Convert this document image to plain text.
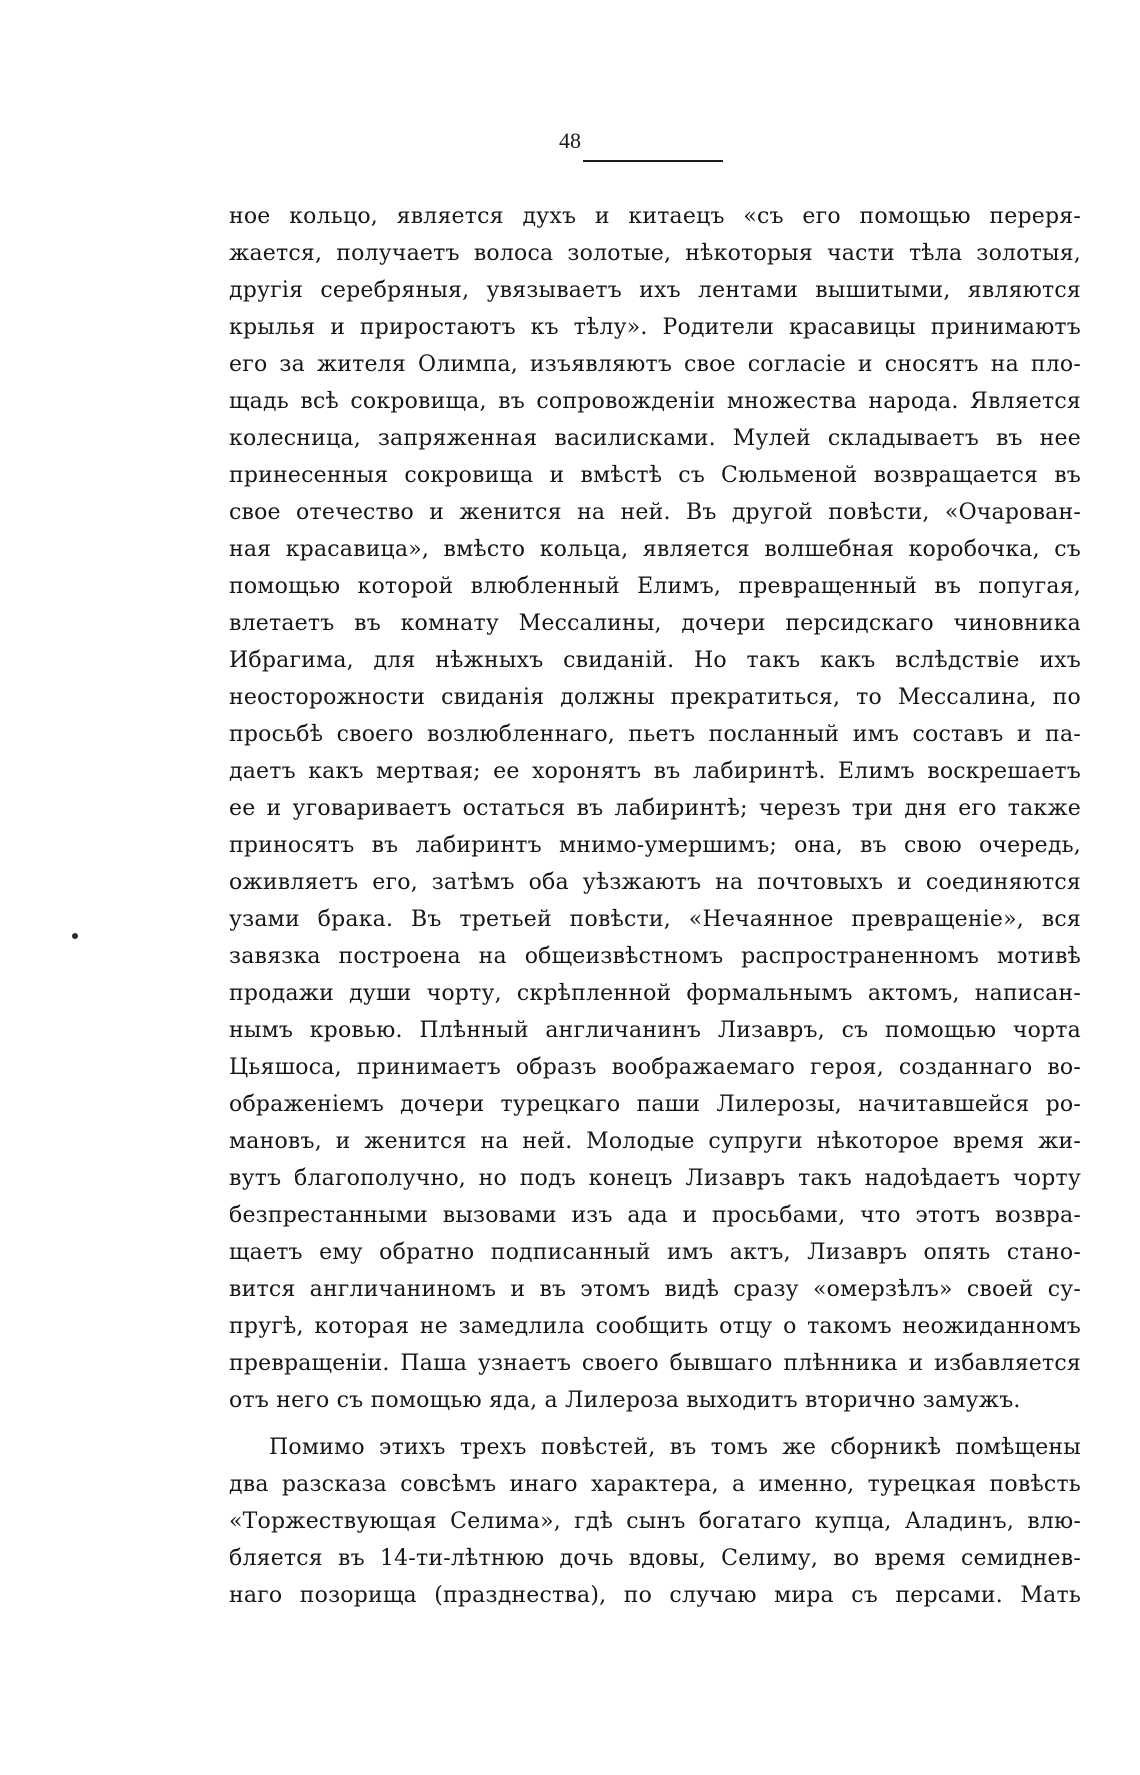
48
ное кольцо, является духъ и китаецъ «съ его помощью переря-
жается, получаетъ волоса золотые, нѣкоторыя части тѣла золотыя,
другія серебряныя, увязываетъ ихъ лентами вышитыми, являются
крылья и приростаютъ къ тѣлу». Родители красавицы принимаютъ
его за жителя Олимпа, изъявляютъ свое согласіе и сносятъ на пло-
щадь всѣ сокровища, въ сопровожденіи множества народа. Является
колесница, запряженная василисками. Мулей складываетъ въ нее
принесенныя сокровища и вмѣстѣ съ Сюльменой возвращается въ
свое отечество и женится на ней. Въ другой повѣсти, «Очарован-
ная красавица», вмѣсто кольца, является волшебная коробочка, съ
помощью которой влюбленный Елимъ, превращенный въ попугая,
влетаетъ въ комнату Мессалины, дочери персидскаго чиновника
Ибрагима, для нѣжныхъ свиданій. Но такъ какъ вслѣдствіе ихъ
неосторожности свиданія должны прекратиться, то Мессалина, по
просьбѣ своего возлюбленнаго, пьетъ посланный имъ составъ и па-
даетъ какъ мертвая; ее хоронятъ въ лабиринтѣ. Елимъ воскрешаетъ
ее и уговариваетъ остаться въ лабиринтѣ; черезъ три дня его также
приносятъ въ лабиринтъ мнимо-умершимъ; она, въ свою очередь,
оживляетъ его, затѣмъ оба уѣзжаютъ на почтовыхъ и соединяются
узами брака. Въ третьей повѣсти, «Нечаянное превращеніе», вся
завязка построена на общеизвѣстномъ распространенномъ мотивѣ
продажи души чорту, скрѣпленной формальнымъ актомъ, написан-
нымъ кровью. Плѣнный англичанинъ Лизавръ, съ помощью чорта
Цьяшоса, принимаетъ образъ воображаемаго героя, созданнаго во-
ображеніемъ дочери турецкаго паши Лилерозы, начитавшейся ро-
мановъ, и женится на ней. Молодые супруги нѣкоторое время жи-
вутъ благополучно, но подъ конецъ Лизавръ такъ надоѣдаетъ чорту
безпрестанными вызовами изъ ада и просьбами, что этотъ возвра-
щаетъ ему обратно подписанный имъ актъ, Лизавръ опять стано-
вится англичаниномъ и въ этомъ видѣ сразу «омерзѣлъ» своей су-
пругѣ, которая не замедлила сообщить отцу о такомъ неожиданномъ
превращеніи. Паша узнаетъ своего бывшаго плѣнника и избавляется
отъ него съ помощью яда, а Лилероза выходитъ вторично замужъ.
Помимо этихъ трехъ повѣстей, въ томъ же сборникѣ помѣщены
два разсказа совсѣмъ инаго характера, а именно, турецкая повѣсть
«Торжествующая Селима», гдѣ сынъ богатаго купца, Аладинъ, влю-
бляется въ 14-ти-лѣтнюю дочь вдовы, Селиму, во время семиднев-
наго позорища (празднества), по случаю мира съ персами. Мать
